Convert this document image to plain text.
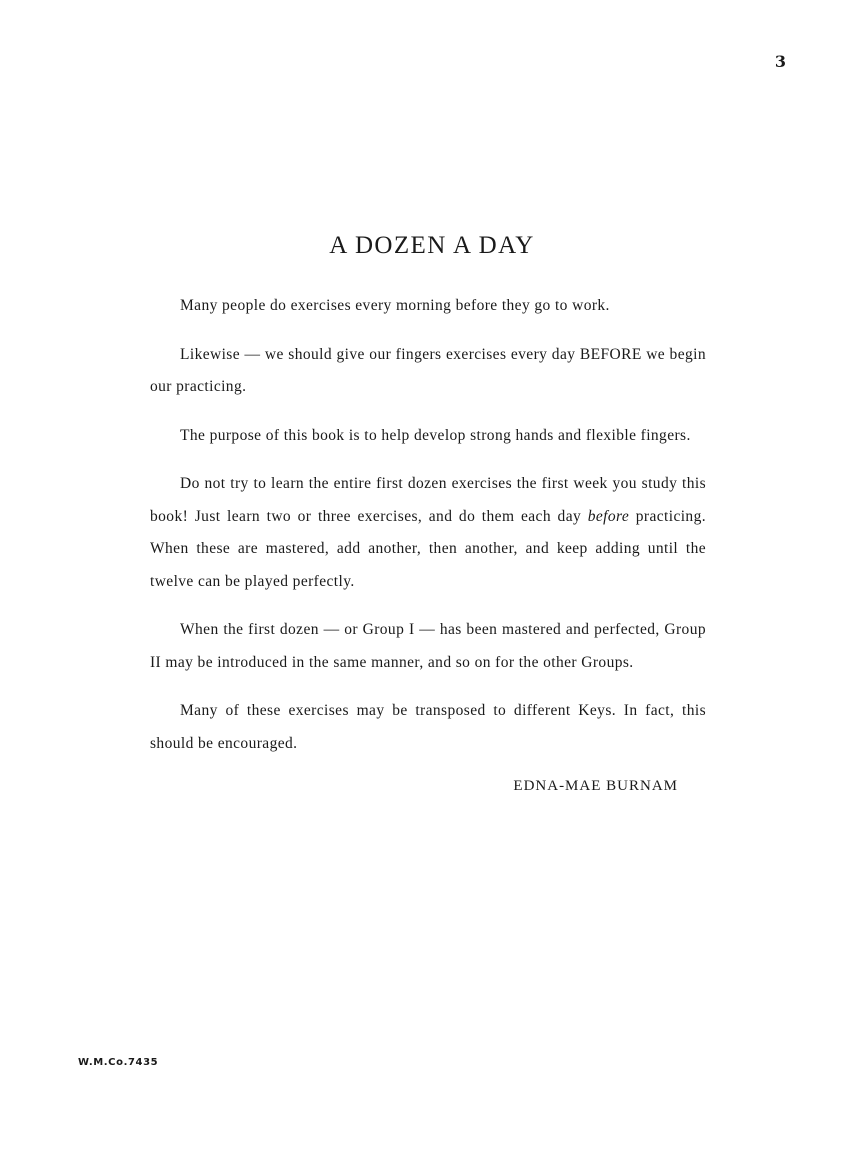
3
A DOZEN A DAY

Many people do exercises every morning before they go to work.

Likewise — we should give our fingers exercises every day BEFORE we begin our practicing.

The purpose of this book is to help develop strong hands and flexible fingers.

Do not try to learn the entire first dozen exercises the first week you study this book! Just learn two or three exercises, and do them each day before practicing. When these are mastered, add another, then another, and keep adding until the twelve can be played perfectly.

When the first dozen — or Group I — has been mastered and perfected, Group II may be introduced in the same manner, and so on for the other Groups.

Many of these exercises may be transposed to different Keys. In fact, this should be encouraged.

EDNA-MAE BURNAM
W.M.Co.7435
